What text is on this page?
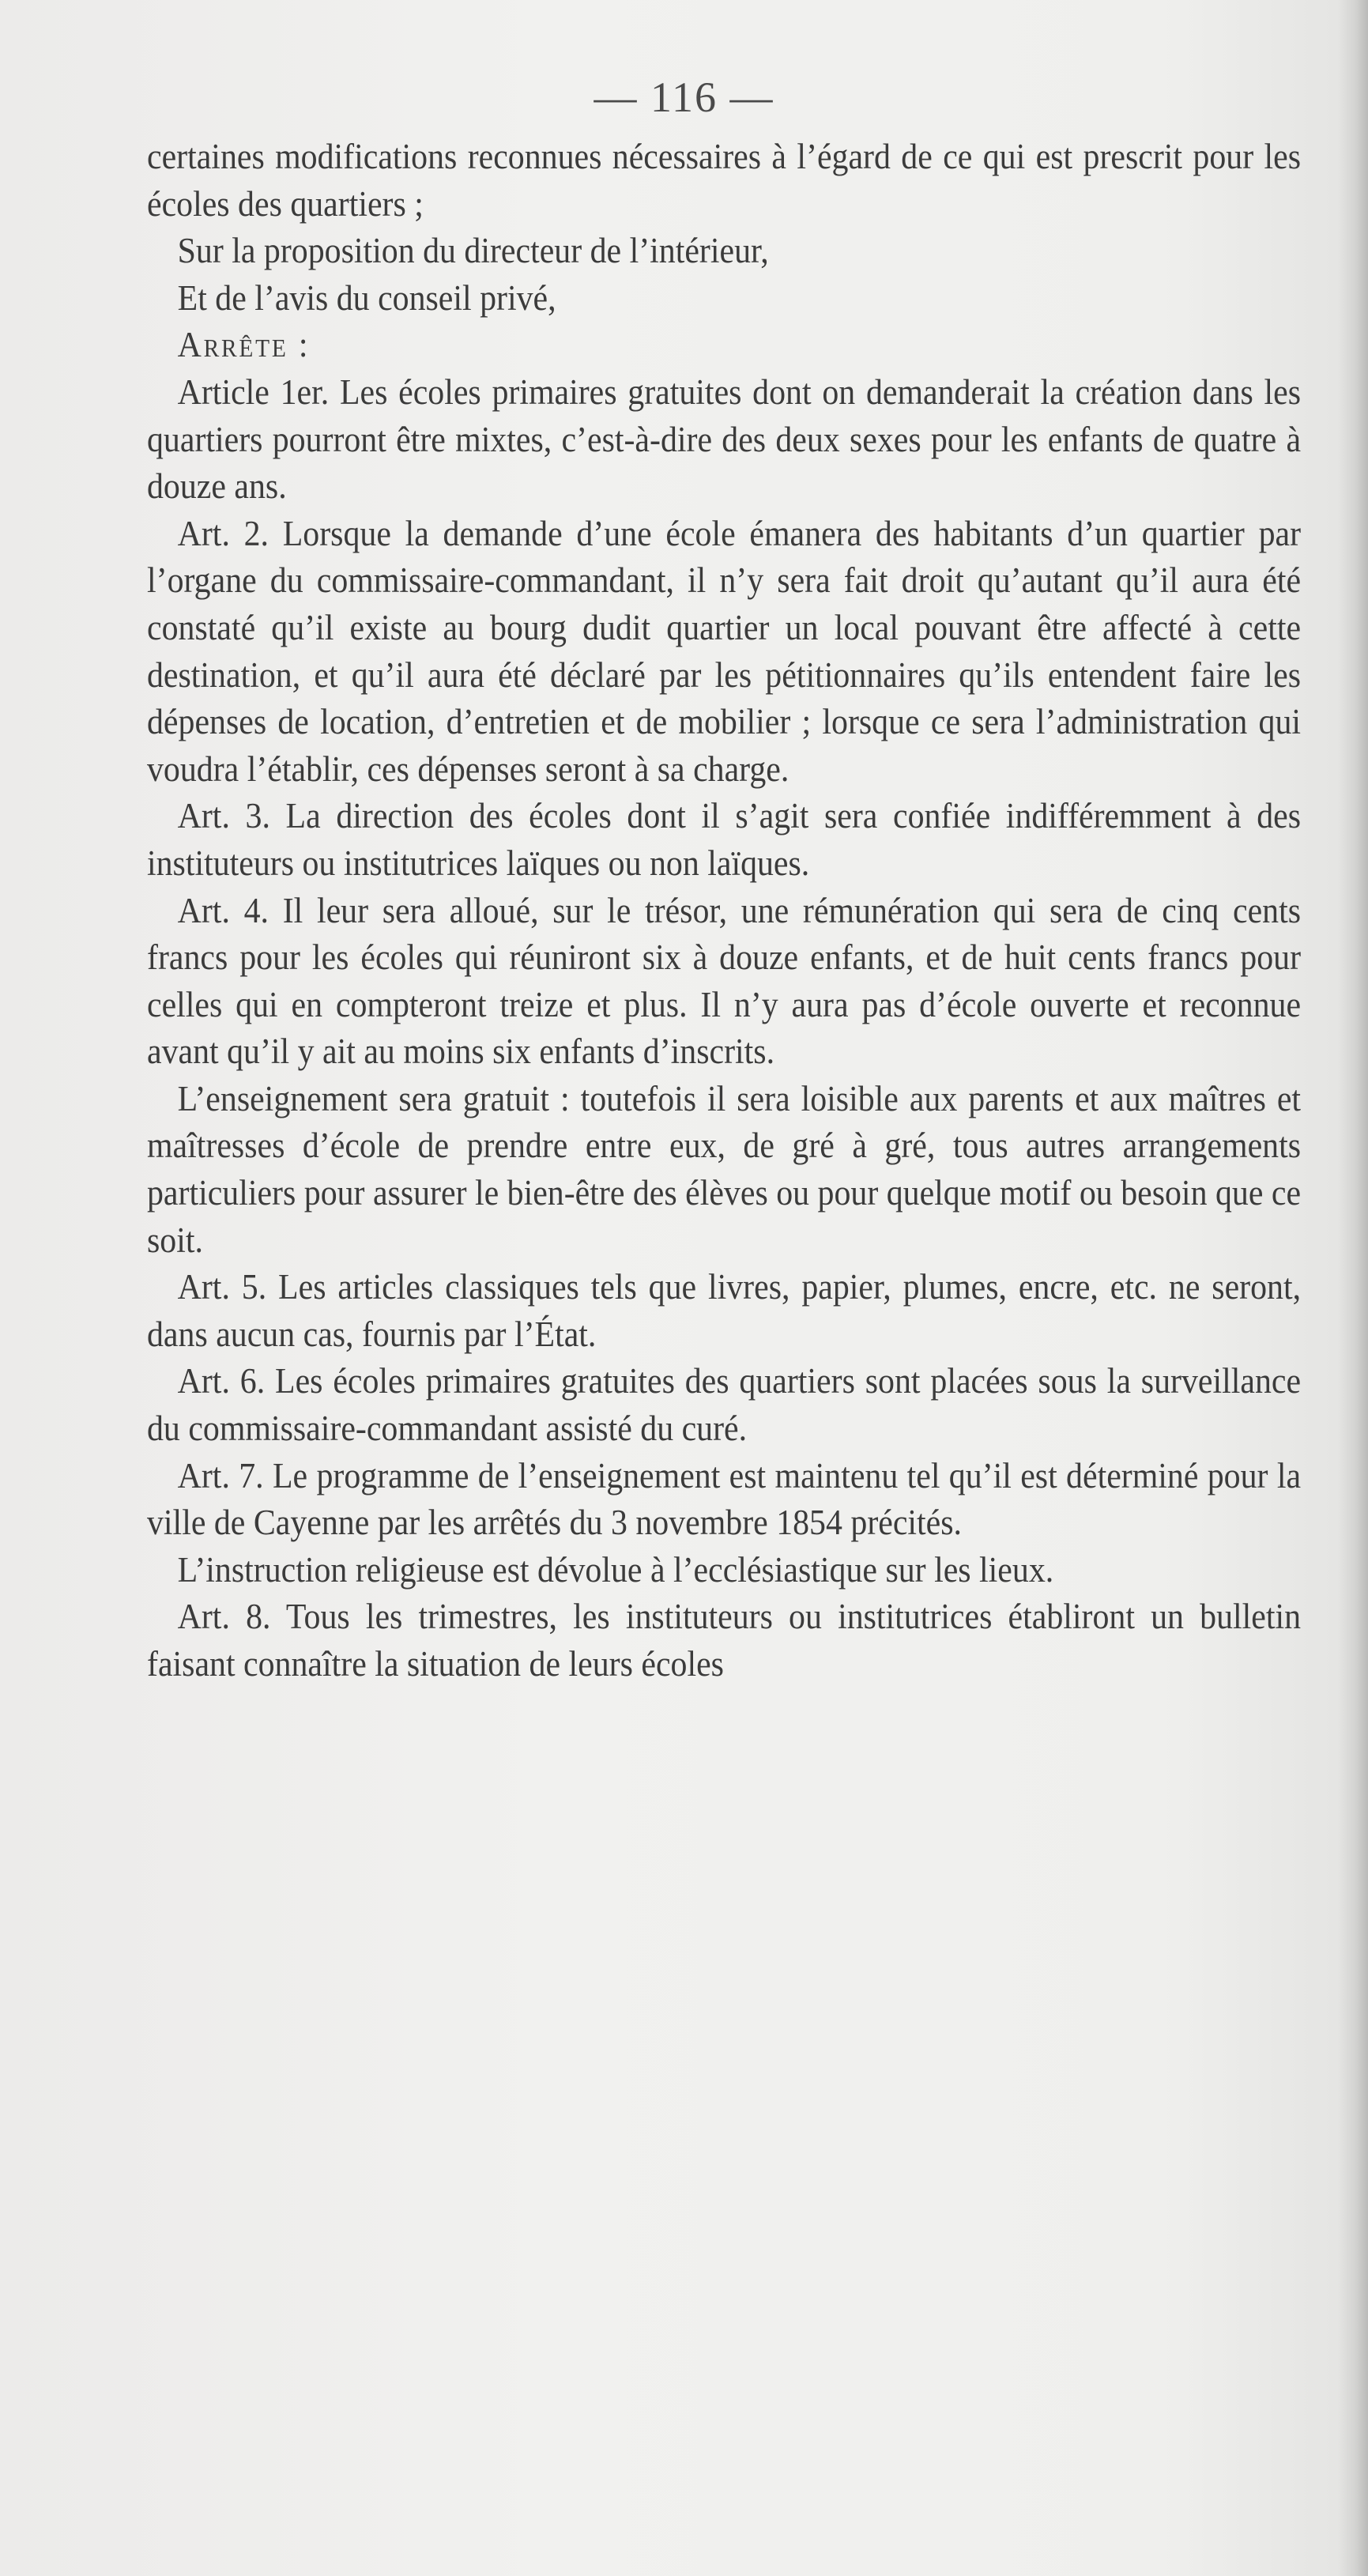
— 116 —

certaines modifications reconnues nécessaires à l’égard de ce qui est prescrit pour les écoles des quartiers ;

Sur la proposition du directeur de l’intérieur,

Et de l’avis du conseil privé,

Arrête :

Article 1er. Les écoles primaires gratuites dont on demanderait la création dans les quartiers pourront être mixtes, c’est-à-dire des deux sexes pour les enfants de quatre à douze ans.

Art. 2. Lorsque la demande d’une école émanera des habitants d’un quartier par l’organe du commissaire-commandant, il n’y sera fait droit qu’autant qu’il aura été constaté qu’il existe au bourg dudit quartier un local pouvant être affecté à cette destination, et qu’il aura été déclaré par les pétitionnaires qu’ils entendent faire les dépenses de location, d’entretien et de mobilier ; lorsque ce sera l’administration qui voudra l’établir, ces dépenses seront à sa charge.

Art. 3. La direction des écoles dont il s’agit sera confiée indifféremment à des instituteurs ou institutrices laïques ou non laïques.

Art. 4. Il leur sera alloué, sur le trésor, une rémunération qui sera de cinq cents francs pour les écoles qui réuniront six à douze enfants, et de huit cents francs pour celles qui en compteront treize et plus. Il n’y aura pas d’école ouverte et reconnue avant qu’il y ait au moins six enfants d’inscrits.

L’enseignement sera gratuit : toutefois il sera loisible aux parents et aux maîtres et maîtresses d’école de prendre entre eux, de gré à gré, tous autres arrangements particuliers pour assurer le bien-être des élèves ou pour quelque motif ou besoin que ce soit.

Art. 5. Les articles classiques tels que livres, papier, plumes, encre, etc. ne seront, dans aucun cas, fournis par l’État.

Art. 6. Les écoles primaires gratuites des quartiers sont placées sous la surveillance du commissaire-commandant assisté du curé.

Art. 7. Le programme de l’enseignement est maintenu tel qu’il est déterminé pour la ville de Cayenne par les arrêtés du 3 novembre 1854 précités.

L’instruction religieuse est dévolue à l’ecclésiastique sur les lieux.

Art. 8. Tous les trimestres, les instituteurs ou institutrices établiront un bulletin faisant connaître la situation de leurs écoles
